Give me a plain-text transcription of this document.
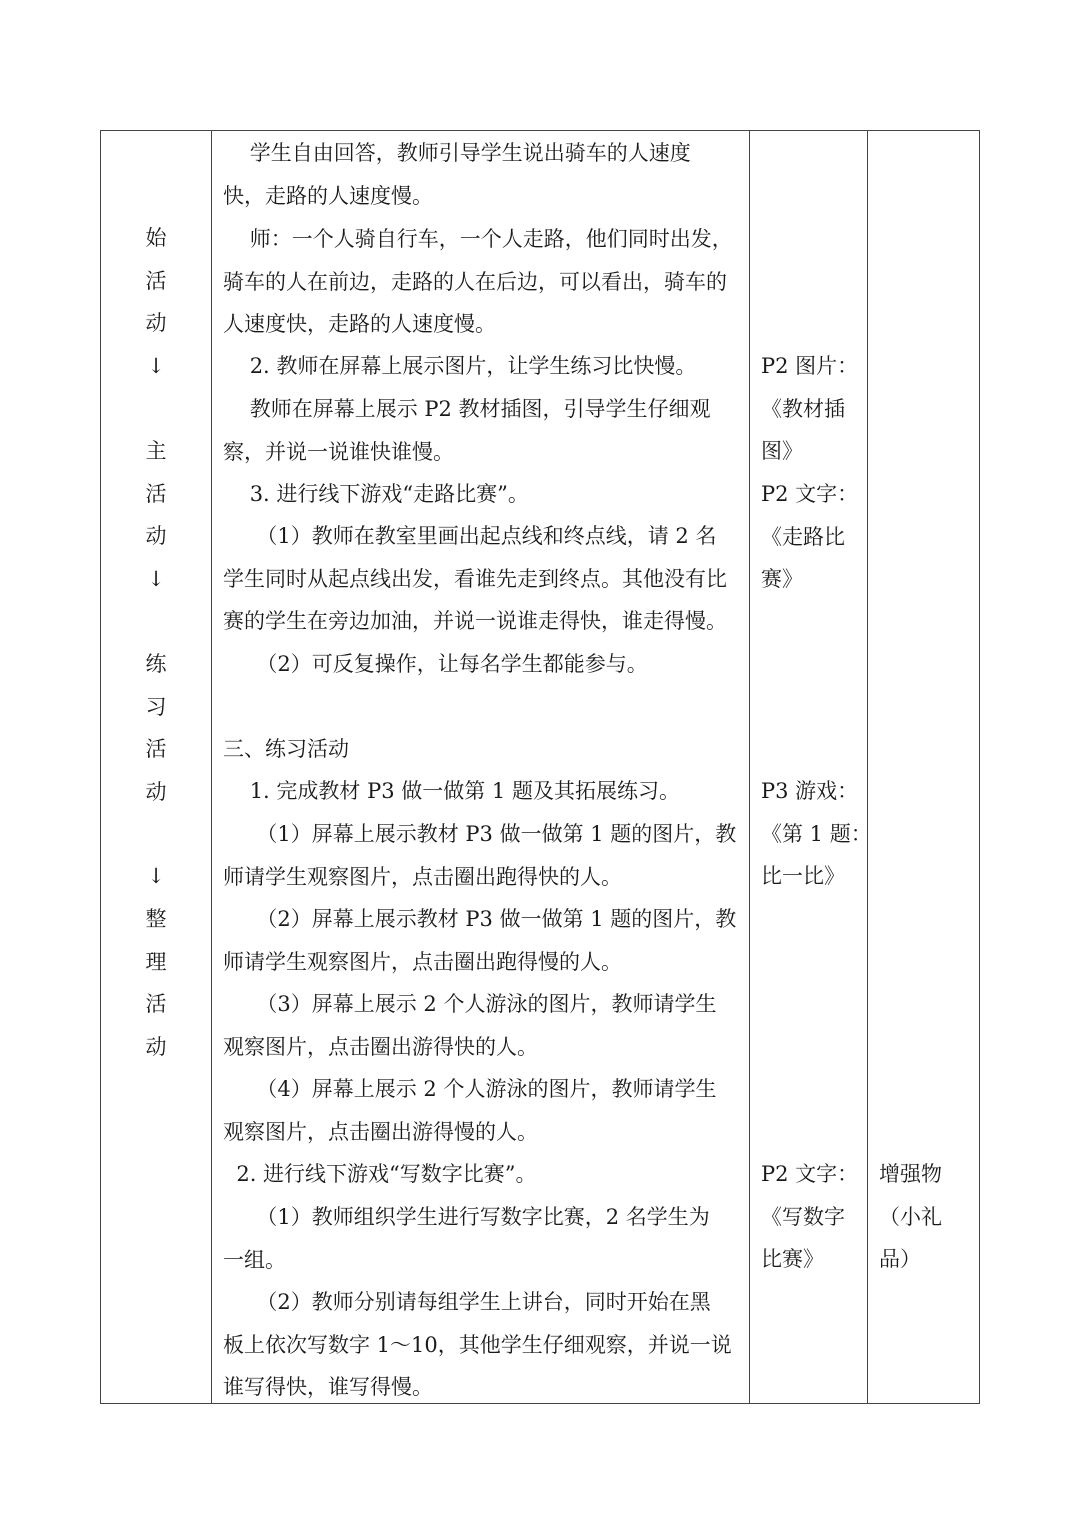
始
活
动
↓
主
活
动
↓
练
习
活
动
↓
整
理
活
动
学生自由回答，教师引导学生说出骑车的人速度
快，走路的人速度慢。
师：一个人骑自行车，一个人走路，他们同时出发，
骑车的人在前边，走路的人在后边，可以看出，骑车的
人速度快，走路的人速度慢。
2. 教师在屏幕上展示图片，让学生练习比快慢。
教师在屏幕上展示 P2 教材插图，引导学生仔细观
察，并说一说谁快谁慢。
3. 进行线下游戏“走路比赛”。
（1）教师在教室里画出起点线和终点线，请 2 名
学生同时从起点线出发，看谁先走到终点。其他没有比
赛的学生在旁边加油，并说一说谁走得快，谁走得慢。
（2）可反复操作，让每名学生都能参与。
三、练习活动
1. 完成教材 P3 做一做第 1 题及其拓展练习。
（1）屏幕上展示教材 P3 做一做第 1 题的图片，教
师请学生观察图片，点击圈出跑得快的人。
（2）屏幕上展示教材 P3 做一做第 1 题的图片，教
师请学生观察图片，点击圈出跑得慢的人。
（3）屏幕上展示 2 个人游泳的图片，教师请学生
观察图片，点击圈出游得快的人。
（4）屏幕上展示 2 个人游泳的图片，教师请学生
观察图片，点击圈出游得慢的人。
2. 进行线下游戏“写数字比赛”。
（1）教师组织学生进行写数字比赛，2 名学生为
一组。
（2）教师分别请每组学生上讲台，同时开始在黑
板上依次写数字 1～10，其他学生仔细观察，并说一说
谁写得快，谁写得慢。
P2 图片：
《教材插
图》
P2 文字：
《走路比
赛》
P3 游戏：
《第 1 题：
比一比》
P2 文字：
《写数字
比赛》
增强物
（小礼
品）
